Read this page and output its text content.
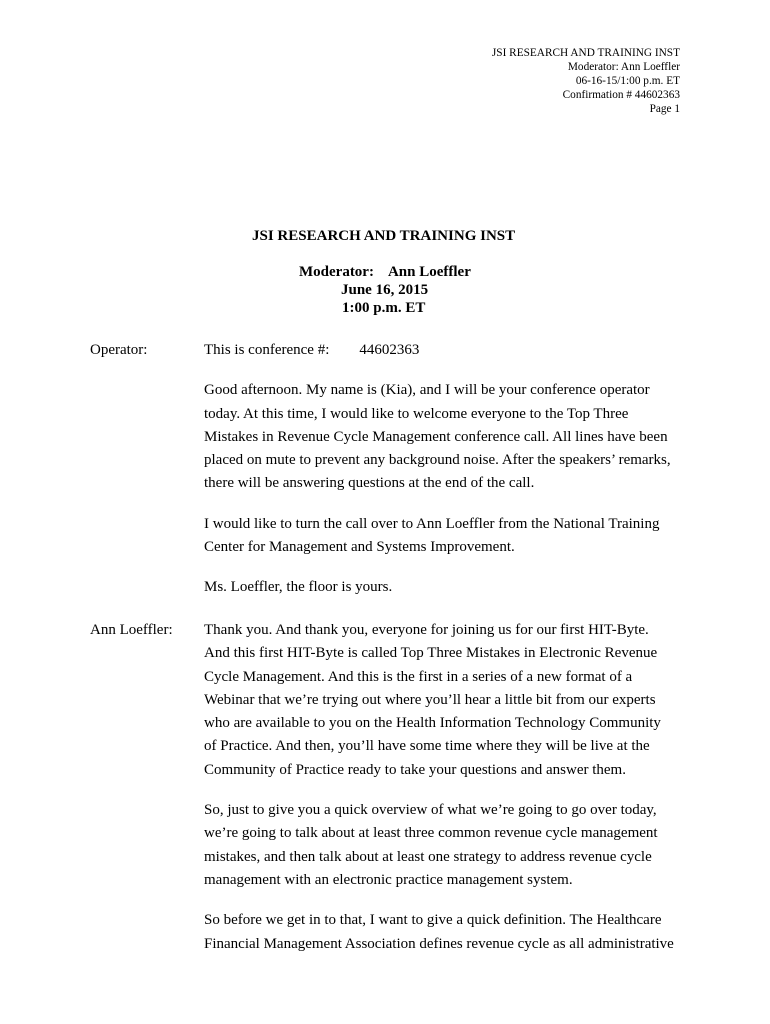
JSI RESEARCH AND TRAINING INST
Moderator: Ann Loeffler
06-16-15/1:00 p.m. ET
Confirmation # 44602363
Page 1
JSI RESEARCH AND TRAINING INST
Moderator: Ann Loeffler
June 16, 2015
1:00 p.m. ET
Operator:	This is conference #: 44602363

Good afternoon. My name is (Kia), and I will be your conference operator
today. At this time, I would like to welcome everyone to the Top Three
Mistakes in Revenue Cycle Management conference call. All lines have been
placed on mute to prevent any background noise. After the speakers’ remarks,
there will be answering questions at the end of the call.

I would like to turn the call over to Ann Loeffler from the National Training
Center for Management and Systems Improvement.

Ms. Loeffler, the floor is yours.

Ann Loeffler: Thank you. And thank you, everyone for joining us for our first HIT-Byte.
And this first HIT-Byte is called Top Three Mistakes in Electronic Revenue
Cycle Management. And this is the first in a series of a new format of a
Webinar that we’re trying out where you’ll hear a little bit from our experts
who are available to you on the Health Information Technology Community
of Practice. And then, you’ll have some time where they will be live at the
Community of Practice ready to take your questions and answer them.

So, just to give you a quick overview of what we’re going to go over today,
we’re going to talk about at least three common revenue cycle management
mistakes, and then talk about at least one strategy to address revenue cycle
management with an electronic practice management system.

So before we get in to that, I want to give a quick definition. The Healthcare
Financial Management Association defines revenue cycle as all administrative
